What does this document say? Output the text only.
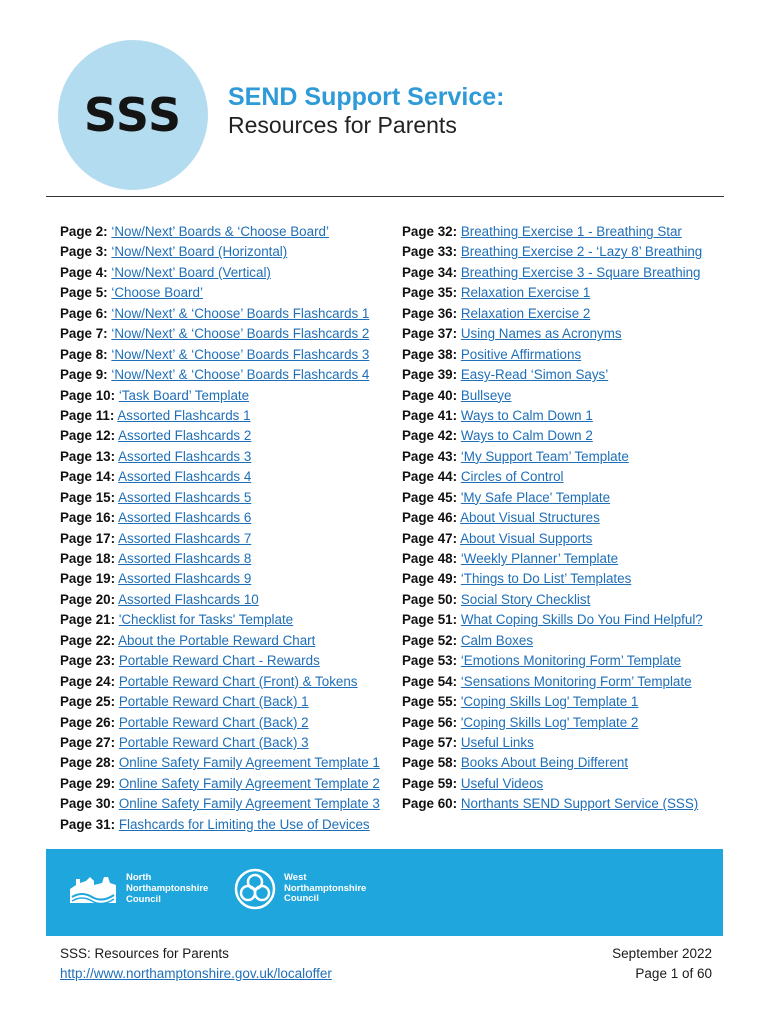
SSS SEND Support Service:
Resources for Parents
Page 2: ‘Now/Next’ Boards & ‘Choose Board’
Page 3: ‘Now/Next’ Board (Horizontal)
Page 4: ‘Now/Next’ Board (Vertical)
Page 5: ‘Choose Board’
Page 6: ‘Now/Next’ & ‘Choose’ Boards Flashcards 1
Page 7: ‘Now/Next’ & ‘Choose’ Boards Flashcards 2
Page 8: ‘Now/Next’ & ‘Choose’ Boards Flashcards 3
Page 9: ‘Now/Next’ & ‘Choose’ Boards Flashcards 4
Page 10: ‘Task Board’ Template
Page 11: Assorted Flashcards 1
Page 12: Assorted Flashcards 2
Page 13: Assorted Flashcards 3
Page 14: Assorted Flashcards 4
Page 15: Assorted Flashcards 5
Page 16: Assorted Flashcards 6
Page 17: Assorted Flashcards 7
Page 18: Assorted Flashcards 8
Page 19: Assorted Flashcards 9
Page 20: Assorted Flashcards 10
Page 21: 'Checklist for Tasks' Template
Page 22: About the Portable Reward Chart
Page 23: Portable Reward Chart - Rewards
Page 24: Portable Reward Chart (Front) & Tokens
Page 25: Portable Reward Chart (Back) 1
Page 26: Portable Reward Chart (Back) 2
Page 27: Portable Reward Chart (Back) 3
Page 28: Online Safety Family Agreement Template 1
Page 29: Online Safety Family Agreement Template 2
Page 30: Online Safety Family Agreement Template 3
Page 31: Flashcards for Limiting the Use of Devices
Page 32: Breathing Exercise 1 - Breathing Star
Page 33: Breathing Exercise 2 - ‘Lazy 8’ Breathing
Page 34: Breathing Exercise 3 - Square Breathing
Page 35: Relaxation Exercise 1
Page 36: Relaxation Exercise 2
Page 37: Using Names as Acronyms
Page 38: Positive Affirmations
Page 39: Easy-Read ‘Simon Says’
Page 40: Bullseye
Page 41: Ways to Calm Down 1
Page 42: Ways to Calm Down 2
Page 43: ‘My Support Team’ Template
Page 44: Circles of Control
Page 45: 'My Safe Place' Template
Page 46: About Visual Structures
Page 47: About Visual Supports
Page 48: ‘Weekly Planner’ Template
Page 49: ‘Things to Do List’ Templates
Page 50: Social Story Checklist
Page 51: What Coping Skills Do You Find Helpful?
Page 52: Calm Boxes
Page 53: ‘Emotions Monitoring Form’ Template
Page 54: ‘Sensations Monitoring Form’ Template
Page 55: 'Coping Skills Log' Template 1
Page 56: 'Coping Skills Log' Template 2
Page 57: Useful Links
Page 58: Books About Being Different
Page 59: Useful Videos
Page 60: Northants SEND Support Service (SSS)
North
Northamptonshire
Council
West
Northamptonshire
Council
SSS: Resources for Parents
http://www.northamptonshire.gov.uk/localoffer
September 2022
Page 1 of 60
